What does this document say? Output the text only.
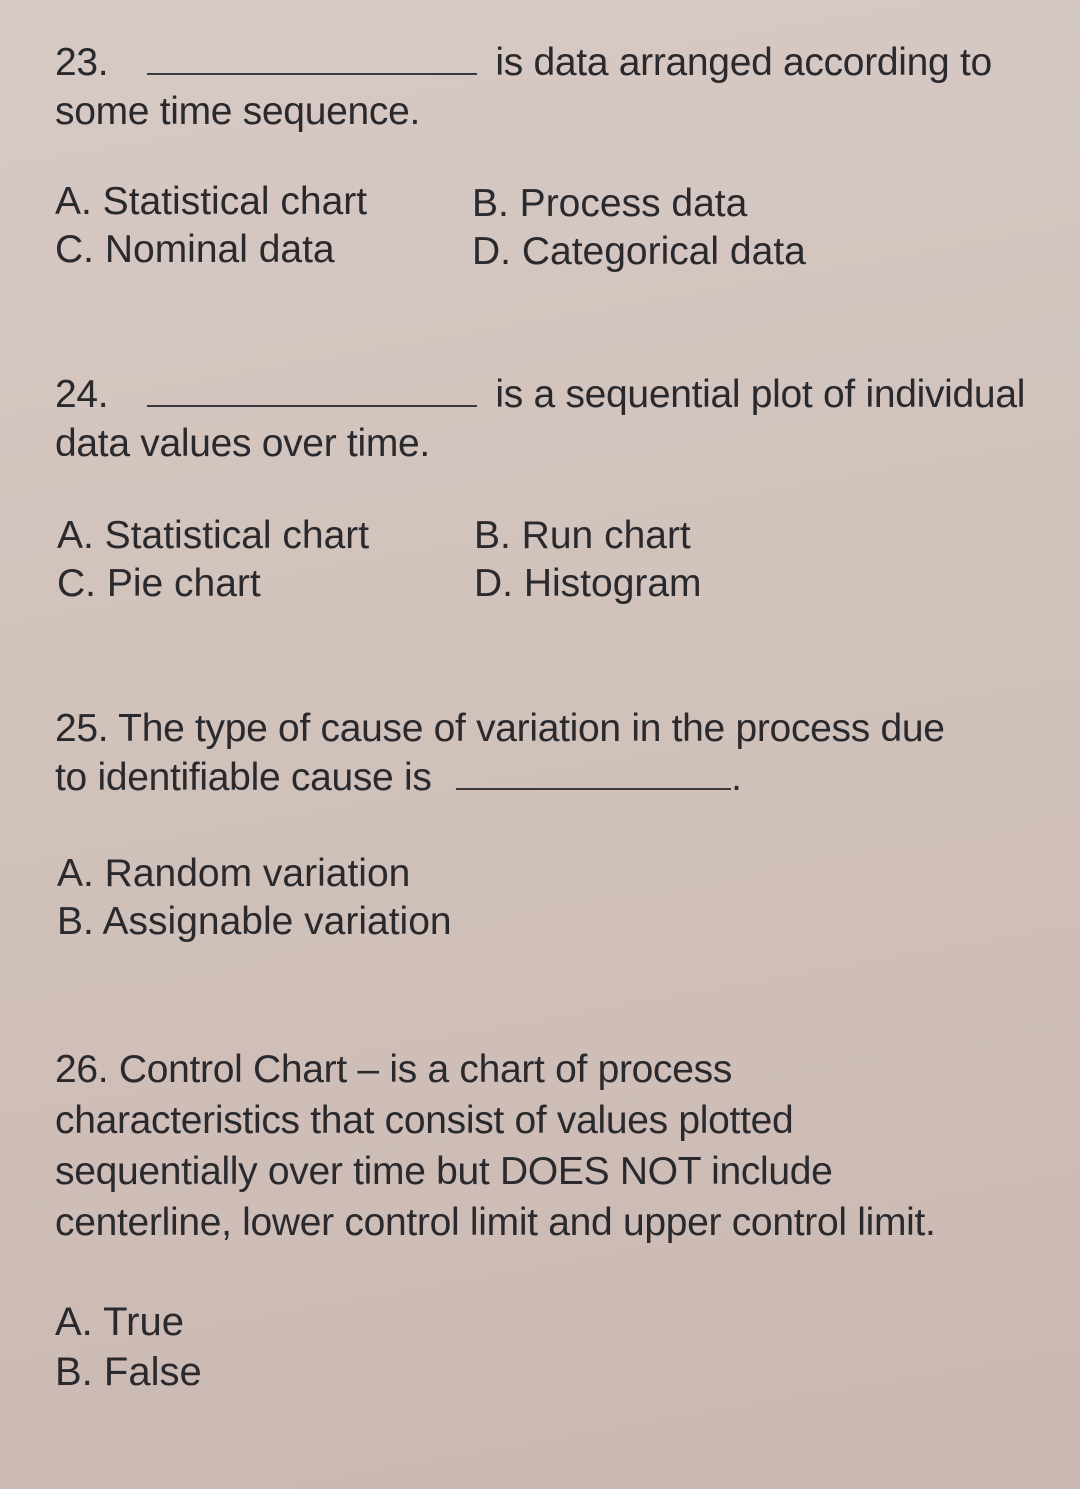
23.	is data arranged according to
some time sequence.
A. Statistical chart	B. Process data
C. Nominal data	D. Categorical data
24.	is a sequential plot of individual
data values over time.
A. Statistical chart	B. Run chart
C. Pie chart	D. Histogram
25. The type of cause of variation in the process due
to identifiable cause is	.
A. Random variation
B. Assignable variation
26. Control Chart – is a chart of process
characteristics that consist of values plotted
sequentially over time but DOES NOT include
centerline, lower control limit and upper control limit.
A. True
B. False
